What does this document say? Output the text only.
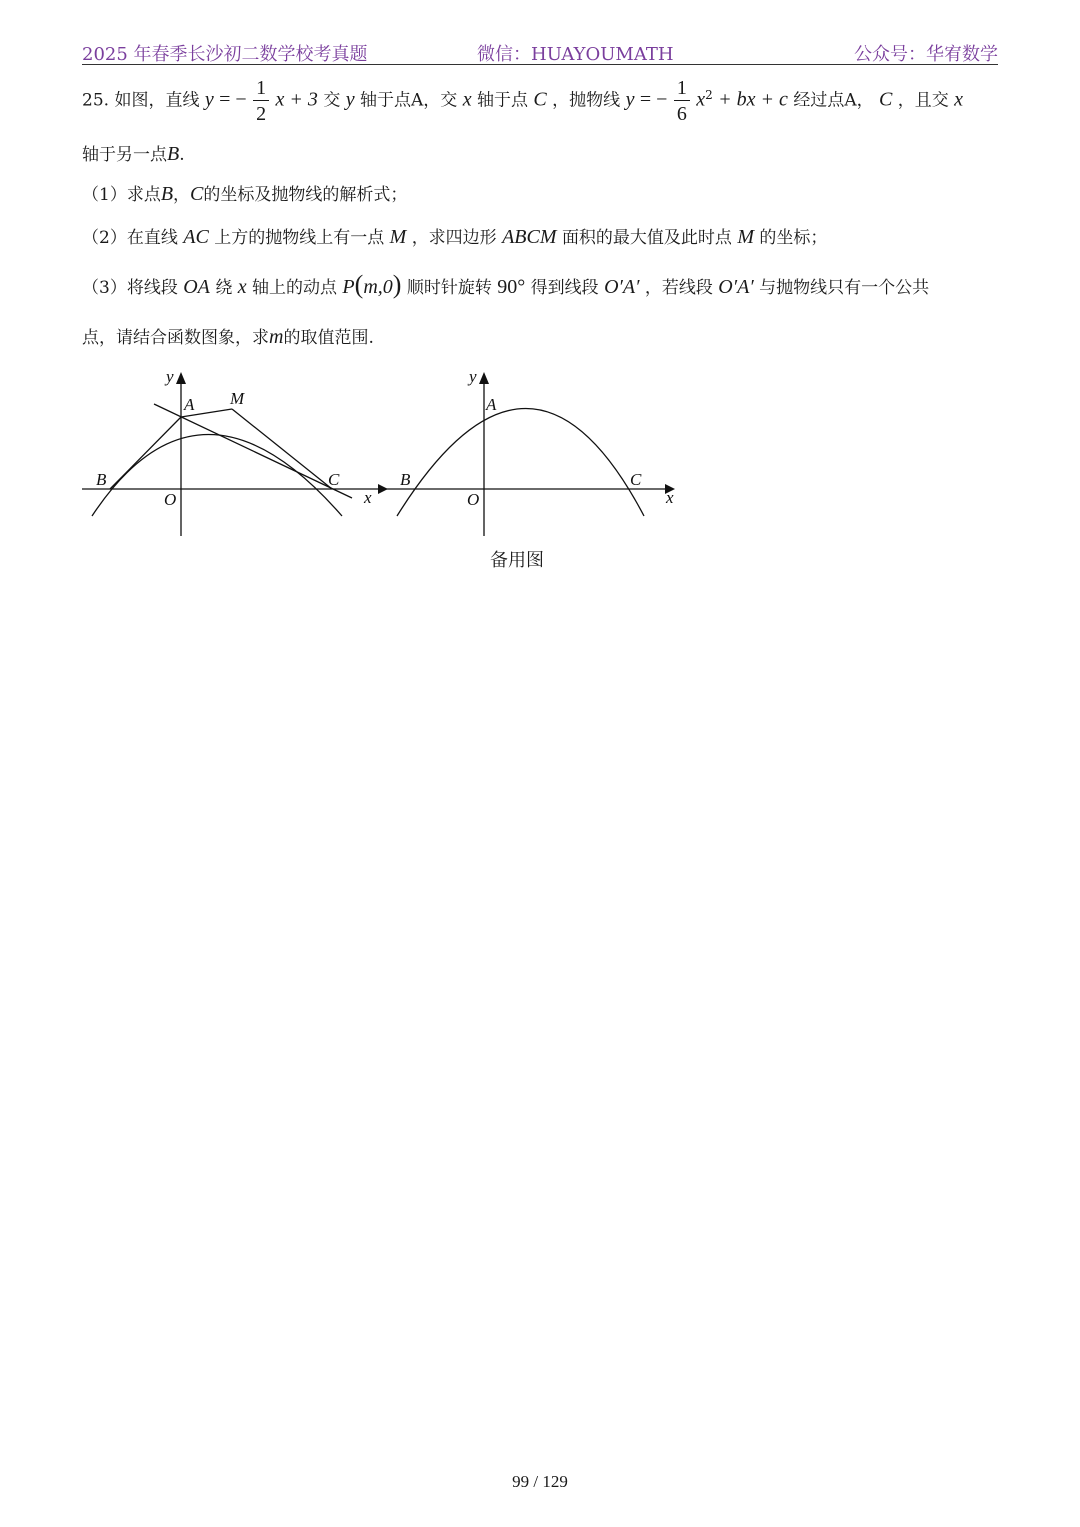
2025 年春季长沙初二数学校考真题	微信：HUAYOUMATH	公众号：华宥数学
25. 如图，直线 y = − $\frac{1}{2}$ x + 3 交 y 轴于点A，交 x 轴于点 C ，抛物线 y = − $\frac{1}{6} x^2$ + bx + c 经过点A， C ，且交 x
轴于另一点B.
（1）求点B，C的坐标及抛物线的解析式；
（2）在直线 AC 上方的抛物线上有一点 M ，求四边形 ABCM 面积的最大值及此时点 M 的坐标；
（3）将线段 OA 绕 x 轴上的动点 P(m,0) 顺时针旋转 90° 得到线段 O′A′ ，若线段 O′A′ 与抛物线只有一个公共
点，请结合函数图象，求m的取值范围.
y
A M
B	C
O	x
y
A
B	C
O	x
备用图
99 / 129
